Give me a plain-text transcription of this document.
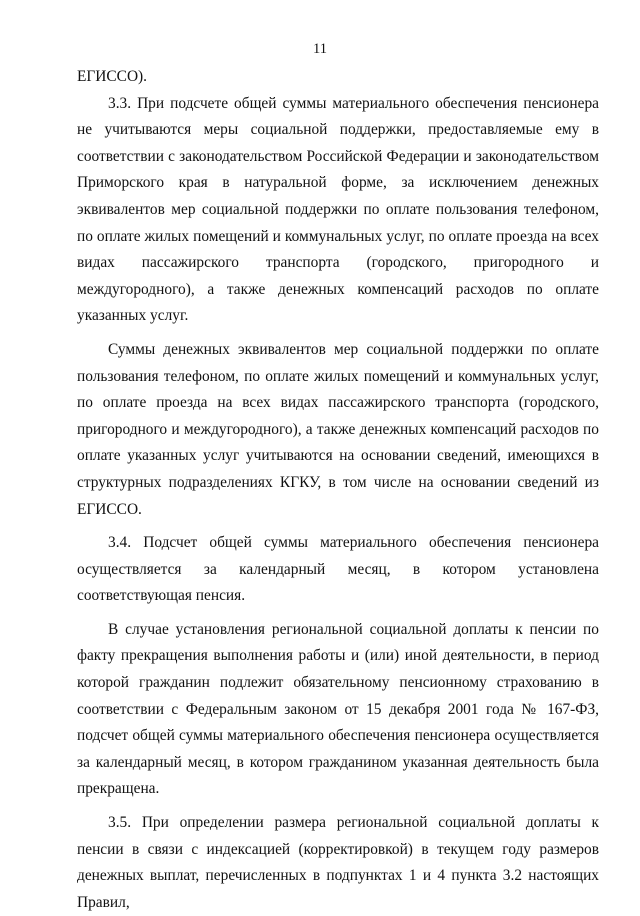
11

ЕГИССО).

3.3. При подсчете общей суммы материального обеспечения пенсионера не учитываются меры социальной поддержки, предоставляемые ему в соответствии с законодательством Российской Федерации и законодательством Приморского края в натуральной форме, за исключением денежных эквивалентов мер социальной поддержки по оплате пользования телефоном, по оплате жилых помещений и коммунальных услуг, по оплате проезда на всех видах пассажирского транспорта (городского, пригородного и междугородного), а также денежных компенсаций расходов по оплате указанных услуг.

Суммы денежных эквивалентов мер социальной поддержки по оплате пользования телефоном, по оплате жилых помещений и коммунальных услуг, по оплате проезда на всех видах пассажирского транспорта (городского, пригородного и междугородного), а также денежных компенсаций расходов по оплате указанных услуг учитываются на основании сведений, имеющихся в структурных подразделениях КГКУ, в том числе на основании сведений из ЕГИССО.

3.4. Подсчет общей суммы материального обеспечения пенсионера осуществляется за календарный месяц, в котором установлена соответствующая пенсия.

В случае установления региональной социальной доплаты к пенсии по факту прекращения выполнения работы и (или) иной деятельности, в период которой гражданин подлежит обязательному пенсионному страхованию в соответствии с Федеральным законом от 15 декабря 2001 года № 167-ФЗ, подсчет общей суммы материального обеспечения пенсионера осуществляется за календарный месяц, в котором гражданином указанная деятельность была прекращена.

3.5. При определении размера региональной социальной доплаты к пенсии в связи с индексацией (корректировкой) в текущем году размеров денежных выплат, перечисленных в подпунктах 1 и 4 пункта 3.2 настоящих Правил,
